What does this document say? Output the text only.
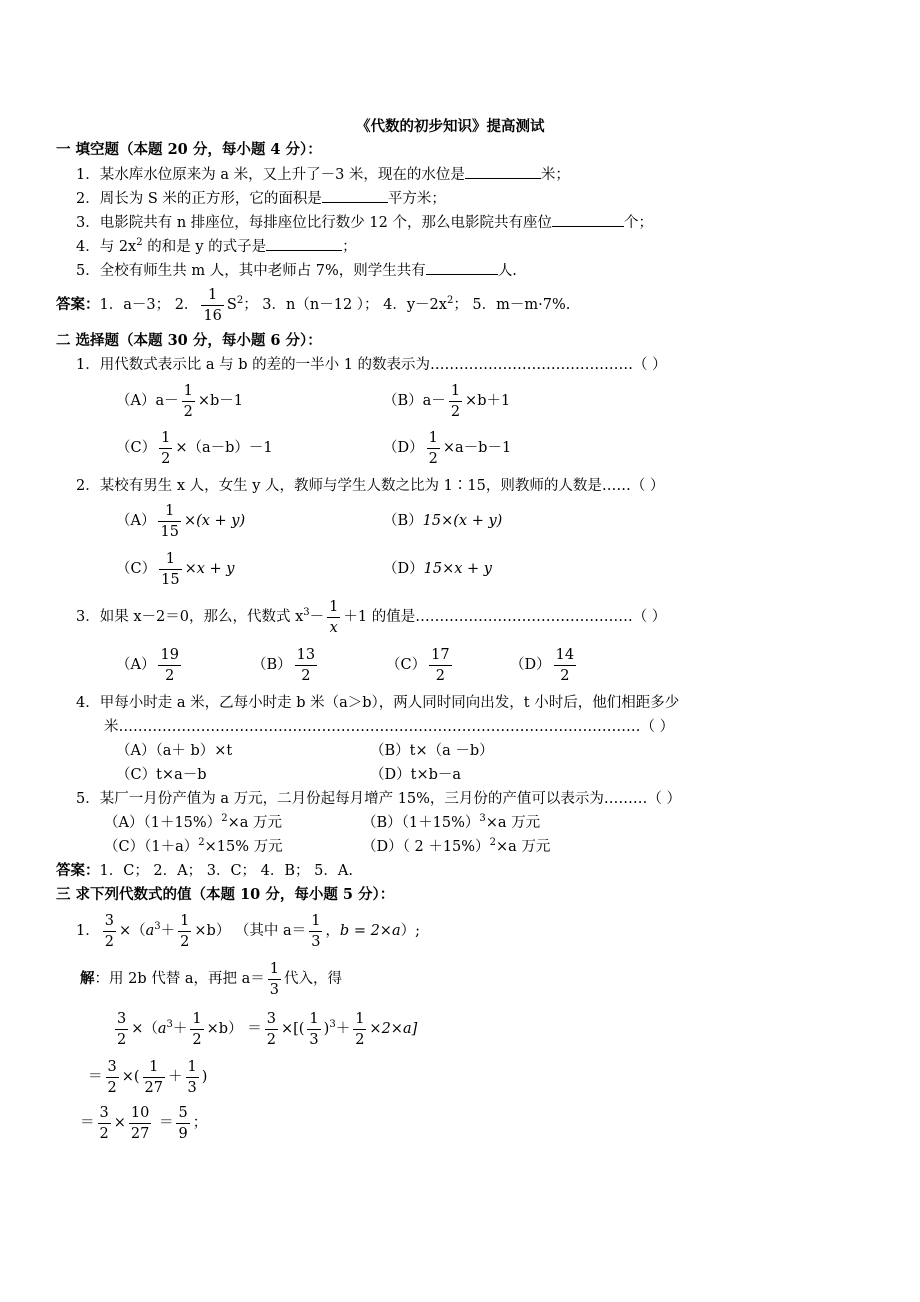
《代数的初步知识》提高测试
一 填空题（本题 20 分，每小题 4 分）：
1．某水库水位原来为 a 米，又上升了－3 米，现在的水位是	米；
2．周长为 S 米的正方形，它的面积是	平方米；
3．电影院共有 n 排座位，每排座位比行数少 12 个，那么电影院共有座位	个；
4．与 $2x^2$ 的和是 y 的式子是	；
5．全校有师生共 m 人，其中老师占 7%，则学生共有	人.
答案：1．a－3； 2． $\frac{1}{16} S^2$； 3．n（n－12 ）； 4．$y-2x^2$； 5．m－m·7%.
二 选择题（本题 30 分，每小题 6 分）：
1．用代数式表示比 a 与 b 的差的一半小 1 的数表示为……………………………………（ ）
$(A)a- \frac{1}{2} \times b-1$	$(B)a- \frac{1}{2} \times b+1$
$(C) \frac{1}{2} \times(a-b)-1$	$(D) \frac{1}{2} \times a-b-1$
2．某校有男生 x 人，女生 y 人，教师与学生人数之比为 1∶15，则教师的人数是……（ ）
$(A) \frac{1}{15} \times(x + y)$	（B）15×(x + y)
$(C) \frac{1}{15} \times x + y$	（D）15×x + y
3．如果 x－2＝0，那么，代数式 $x^3- \frac{1}{x} +1$ 的值是………………………………………（ ）
$(A) \frac{19}{2}$	$(B) \frac{13}{2}$	$(C) \frac{17}{2}$	$(D) \frac{14}{2}$
4．甲每小时走 a 米，乙每小时走 b 米（a＞b），两人同时同向出发，t 小时后，他们相距多少
米………………………………………………………………………………………………（ ）
（A）（a＋ b）×t	（B）t×（a －b）
（C）t×a－b	（D）t×b－a
5．某厂一月份产值为 a 万元，二月份起每月增产 15%，三月份的产值可以表示为………（ ）
$(A)(1+15\%)^2\times a$ 万元	$(B)(1+15\%)^3\times a$ 万元
$(C)(1+a)^2\times 15\%$ 万元	（D）（ 2 ＋15%）$^2$×a 万元
答案：1．C； 2．A； 3．C； 4．B； 5．A.
三 求下列代数式的值（本题 10 分，每小题 5 分）：
1． $\frac{3}{2} \times(a^3+ \frac{1}{2} \times b)$ （其中 $a= \frac{1}{3}$ ，b = 2×a）;
解：用 2b 代替 a，再把 $a= \frac{1}{3}$ 代入，得
$\frac{3}{2} \times(a^3+ \frac{1}{2} \times b) = \frac{3}{2}$ ×[( $\frac{1}{3} )^3+ \frac{1}{2} \times 2\times a$]
＝ $\frac{3}{2}$ ×( $\frac{1}{27} + \frac{1}{3}$ )
＝ $\frac{3}{2} \times \frac{10}{27} = \frac{5}{9}$ ；
